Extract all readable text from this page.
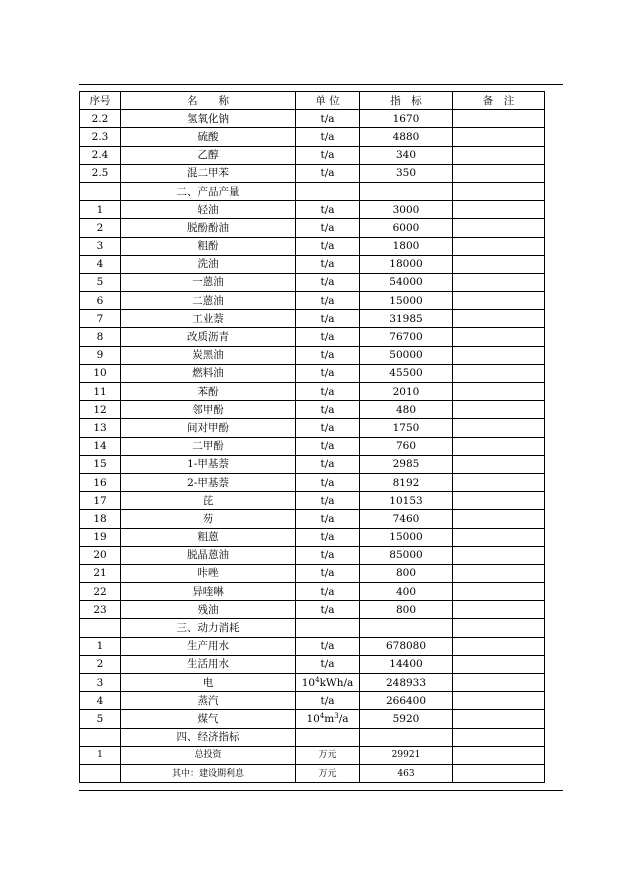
序号	名　　称	单 位	指　标	备　注
2.2	氢氧化钠	t/a	1670	
2.3	硫酸	t/a	4880	
2.4	乙醇	t/a	340	
2.5	混二甲苯	t/a	350	
	二、产品产量			
1	轻油	t/a	3000	
2	脱酚酚油	t/a	6000	
3	粗酚	t/a	1800	
4	洗油	t/a	18000	
5	一蒽油	t/a	54000	
6	二蒽油	t/a	15000	
7	工业萘	t/a	31985	
8	改质沥青	t/a	76700	
9	炭黑油	t/a	50000	
10	燃料油	t/a	45500	
11	苯酚	t/a	2010	
12	邻甲酚	t/a	480	
13	间对甲酚	t/a	1750	
14	二甲酚	t/a	760	
15	1-甲基萘	t/a	2985	
16	2-甲基萘	t/a	8192	
17	芘	t/a	10153	
18	芴	t/a	7460	
19	粗蒽	t/a	15000	
20	脱晶蒽油	t/a	85000	
21	咔唑	t/a	800	
22	异喹啉	t/a	400	
23	残油	t/a	800	
	三、动力消耗			
1	生产用水	t/a	678080	
2	生活用水	t/a	14400	
3	电	$10^4kWh/a$	248933	
4	蒸汽	t/a	266400	
5	煤气	$10^4m^3/a$	5920	
	四、经济指标			
1	总投资	万元	29921	
	其中：建设期利息	万元	463	
